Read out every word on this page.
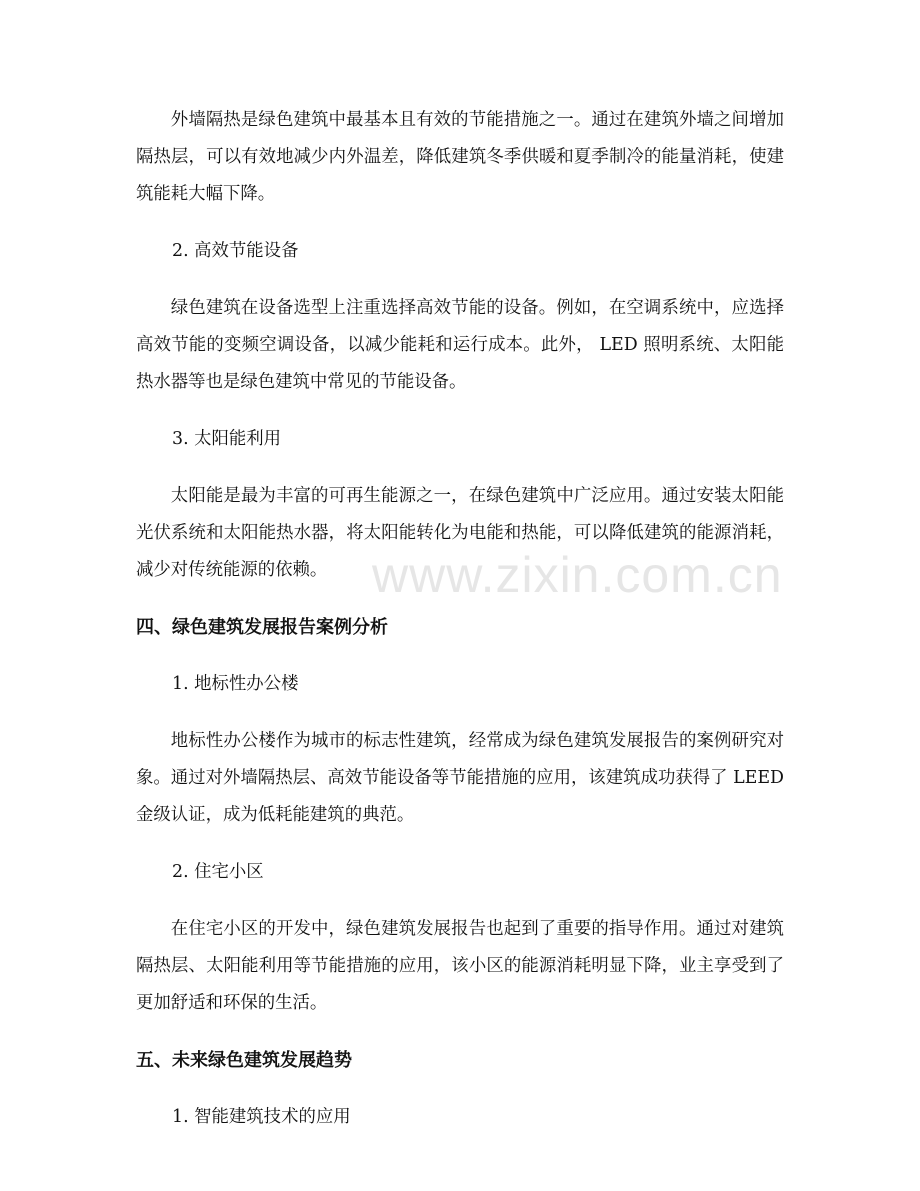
www.zixin.com.cn

外墙隔热是绿色建筑中最基本且有效的节能措施之一。通过在建筑外墙之间增加隔热层，可以有效地减少内外温差，降低建筑冬季供暖和夏季制冷的能量消耗，使建筑能耗大幅下降。

2. 高效节能设备

绿色建筑在设备选型上注重选择高效节能的设备。例如，在空调系统中，应选择高效节能的变频空调设备，以减少能耗和运行成本。此外， LED 照明系统、太阳能热水器等也是绿色建筑中常见的节能设备。

3. 太阳能利用

太阳能是最为丰富的可再生能源之一，在绿色建筑中广泛应用。通过安装太阳能光伏系统和太阳能热水器，将太阳能转化为电能和热能，可以降低建筑的能源消耗，减少对传统能源的依赖。

四、绿色建筑发展报告案例分析
1. 地标性办公楼

地标性办公楼作为城市的标志性建筑，经常成为绿色建筑发展报告的案例研究对象。通过对外墙隔热层、高效节能设备等节能措施的应用，该建筑成功获得了 LEED 金级认证，成为低耗能建筑的典范。

2. 住宅小区

在住宅小区的开发中，绿色建筑发展报告也起到了重要的指导作用。通过对建筑隔热层、太阳能利用等节能措施的应用，该小区的能源消耗明显下降，业主享受到了更加舒适和环保的生活。

五、未来绿色建筑发展趋势
1. 智能建筑技术的应用
